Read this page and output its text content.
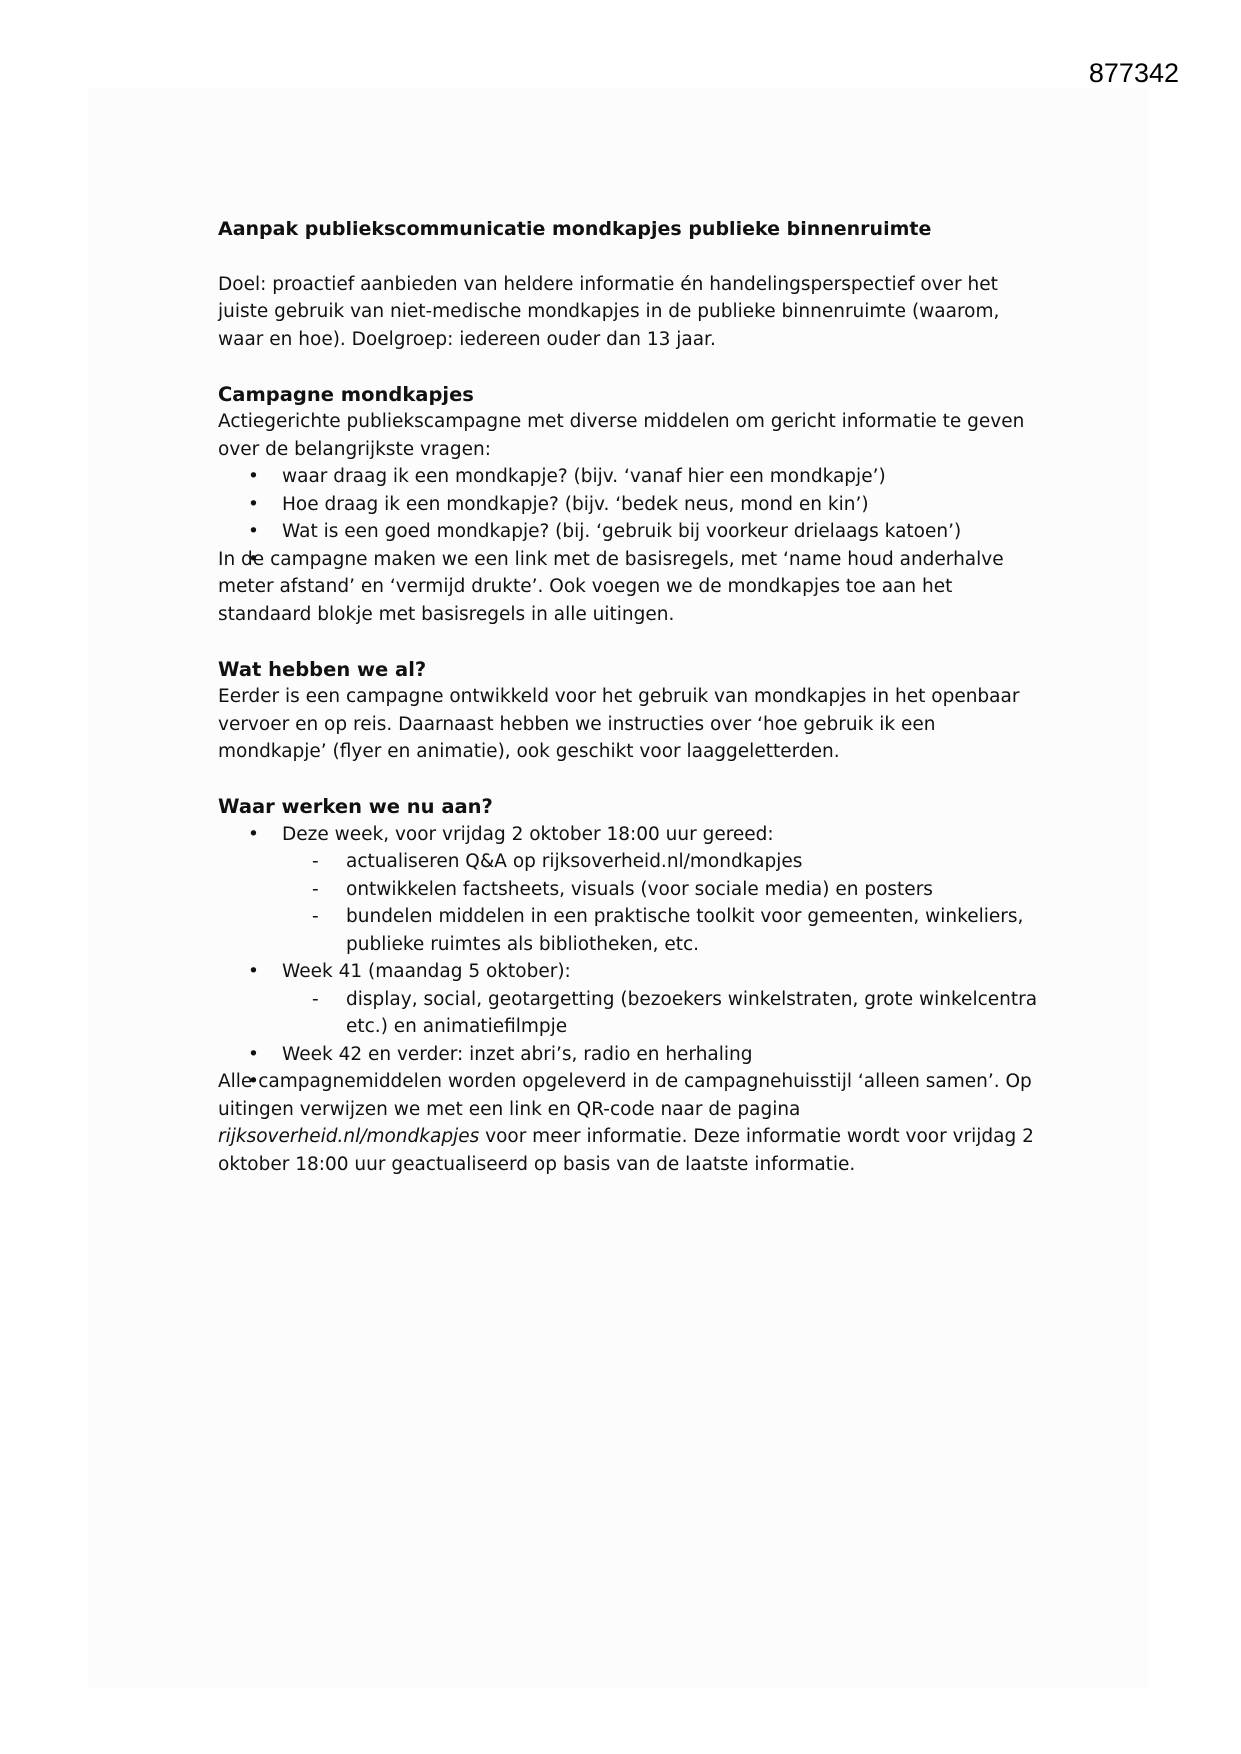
877342

Aanpak publiekscommunicatie mondkapjes publieke binnenruimte

Doel: proactief aanbieden van heldere informatie én handelingsperspectief over het juiste gebruik van niet-medische mondkapjes in de publieke binnenruimte (waarom, waar en hoe). Doelgroep: iedereen ouder dan 13 jaar.

Campagne mondkapjes

Actiegerichte publiekscampagne met diverse middelen om gericht informatie te geven over de belangrijkste vragen:

• waar draag ik een mondkapje? (bijv. ‘vanaf hier een mondkapje’)
• Hoe draag ik een mondkapje? (bijv. ‘bedek neus, mond en kin’)
• Wat is een goed mondkapje? (bij. ‘gebruik bij voorkeur drielaags katoen’)

In de campagne maken we een link met de basisregels, met ‘name houd anderhalve meter afstand’ en ‘vermijd drukte’. Ook voegen we de mondkapjes toe aan het standaard blokje met basisregels in alle uitingen.

Wat hebben we al?

Eerder is een campagne ontwikkeld voor het gebruik van mondkapjes in het openbaar vervoer en op reis. Daarnaast hebben we instructies over ‘hoe gebruik ik een mondkapje’ (flyer en animatie), ook geschikt voor laaggeletterden.

Waar werken we nu aan?

• Deze week, voor vrijdag 2 oktober 18:00 uur gereed:
- actualiseren Q&A op rijksoverheid.nl/mondkapjes
- ontwikkelen factsheets, visuals (voor sociale media) en posters
- bundelen middelen in een praktische toolkit voor gemeenten, winkeliers, publieke ruimtes als bibliotheken, etc.
• Week 41 (maandag 5 oktober):
- display, social, geotargetting (bezoekers winkelstraten, grote winkelcentra etc.) en animatiefilmpje
• Week 42 en verder: inzet abri’s, radio en herhaling

Alle campagnemiddelen worden opgeleverd in de campagnehuisstijl ‘alleen samen’. Op uitingen verwijzen we met een link en QR-code naar de pagina rijksoverheid.nl/mondkapjes voor meer informatie. Deze informatie wordt voor vrijdag 2 oktober 18:00 uur geactualiseerd op basis van de laatste informatie.
